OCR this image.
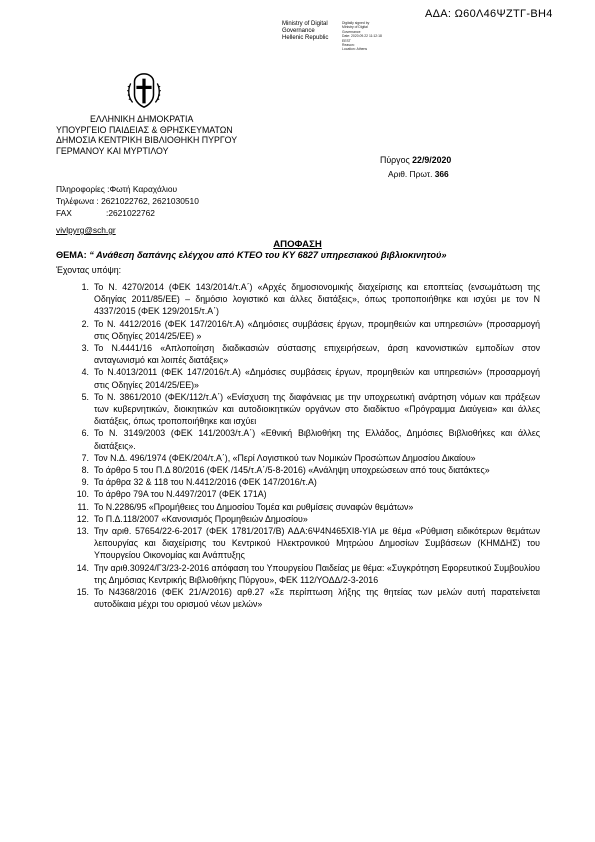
ΑΔΑ: Ω60Λ46ΨΖΤΓ-ΒΗ4
Ministry of Digital
Governance
Hellenic Republic
Digitally signed by
Ministry of Digital
Governance
Date: 2020.09.22 11:12:18
EEST
Reason:
Location: Athens
ΕΛΛΗΝΙΚΗ ΔΗΜΟΚΡΑΤΙΑ
ΥΠΟΥΡΓΕΙΟ ΠΑΙΔΕΙΑΣ & ΘΡΗΣΚΕΥΜΑΤΩΝ
ΔΗΜΟΣΙΑ ΚΕΝΤΡΙΚΗ ΒΙΒΛΙΟΘΗΚΗ ΠΥΡΓΟΥ
ΓΕΡΜΑΝΟΥ ΚΑΙ ΜΥΡΤΙΛΟΥ
Πύργος 22/9/2020
Αριθ. Πρωτ. 366
Πληροφορίες :Φωτή Καραχάλιου
Τηλέφωνα : 2621022762, 2621030510
FAX	:2621022762
vivlpyrg@sch.gr
ΑΠΟΦΑΣΗ
ΘΕΜΑ: “ Ανάθεση δαπάνης ελέγχου από ΚΤΕΟ του ΚΥ 6827 υπηρεσιακού βιβλιοκινητού»
Έχοντας υπόψη:
1. Το Ν. 4270/2014 (ΦΕΚ 143/2014/τ.Α΄) «Αρχές δημοσιονομικής διαχείρισης και εποπτείας (ενσωμάτωση της Οδηγίας 2011/85/ΕΕ) – δημόσιο λογιστικό και άλλες διατάξεις», όπως τροποποιήθηκε και ισχύει με τον Ν 4337/2015 (ΦΕΚ 129/2015/τ.Α΄)
2. Το Ν. 4412/2016 (ΦΕΚ 147/2016/τ.Α) «Δημόσιες συμβάσεις έργων, προμηθειών και υπηρεσιών» (προσαρμογή στις Οδηγίες 2014/25/ΕΕ) »
3. Το Ν.4441/16 «Απλοποίηση διαδικασιών σύστασης επιχειρήσεων, άρση κανονιστικών εμποδίων στον ανταγωνισμό και λοιπές διατάξεις»
4. Το Ν.4013/2011 (ΦΕΚ 147/2016/τ.Α) «Δημόσιες συμβάσεις έργων, προμηθειών και υπηρεσιών» (προσαρμογή στις Οδηγίες 2014/25/ΕΕ)»
5. Το Ν. 3861/2010 (ΦΕΚ/112/τ.Α΄) «Ενίσχυση της διαφάνειας με την υποχρεωτική ανάρτηση νόμων και πράξεων των κυβερνητικών, διοικητικών και αυτοδιοικητικών οργάνων στο διαδίκτυο «Πρόγραμμα Διαύγεια» και άλλες διατάξεις, όπως τροποποιήθηκε και ισχύει
6. Το Ν. 3149/2003 (ΦΕΚ 141/2003/τ.Α΄) «Εθνική Βιβλιοθήκη της Ελλάδος, Δημόσιες Βιβλιοθήκες και άλλες διατάξεις».
7. Τον Ν.Δ. 496/1974 (ΦΕΚ/204/τ.Α΄), «Περί Λογιστικού των Νομικών Προσώπων Δημοσίου Δικαίου»
8. Το άρθρο 5 του Π.Δ 80/2016 (ΦΕΚ /145/τ.Α΄/5-8-2016) «Ανάληψη υποχρεώσεων από τους διατάκτες»
9. Τα άρθρα 32 & 118 του Ν.4412/2016 (ΦΕΚ 147/2016/τ.Α)
10. Το άρθρο 79Α του Ν.4497/2017 (ΦΕΚ 171Α)
11. Το Ν.2286/95 «Προμήθειες του Δημοσίου Τομέα και ρυθμίσεις συναφών θεμάτων»
12. Το Π.Δ.118/2007 «Κανονισμός Προμηθειών Δημοσίου»
13. Την αριθ. 57654/22-6-2017 (ΦΕΚ 1781/2017/Β) ΑΔΑ:6Ψ4Ν465ΧΙ8-ΥΙΑ με θέμα «Ρύθμιση ειδικότερων θεμάτων λειτουργίας και διαχείρισης του Κεντρικού Ηλεκτρονικού Μητρώου Δημοσίων Συμβάσεων (ΚΗΜΔΗΣ) του Υπουργείου Οικονομίας και Ανάπτυξης
14. Την αριθ.30924/Γ3/23-2-2016 απόφαση του Υπουργείου Παιδείας με θέμα: «Συγκρότηση Εφορευτικού Συμβουλίου της Δημόσιας Κεντρικής Βιβλιοθήκης Πύργου», ΦΕΚ 112/ΥΟΔΔ/2-3-2016
15. Το Ν4368/2016 (ΦΕΚ 21/Α/2016) αρθ.27 «Σε περίπτωση λήξης της θητείας των μελών αυτή παρατείνεται αυτοδίκαια μέχρι του ορισμού νέων μελών»
